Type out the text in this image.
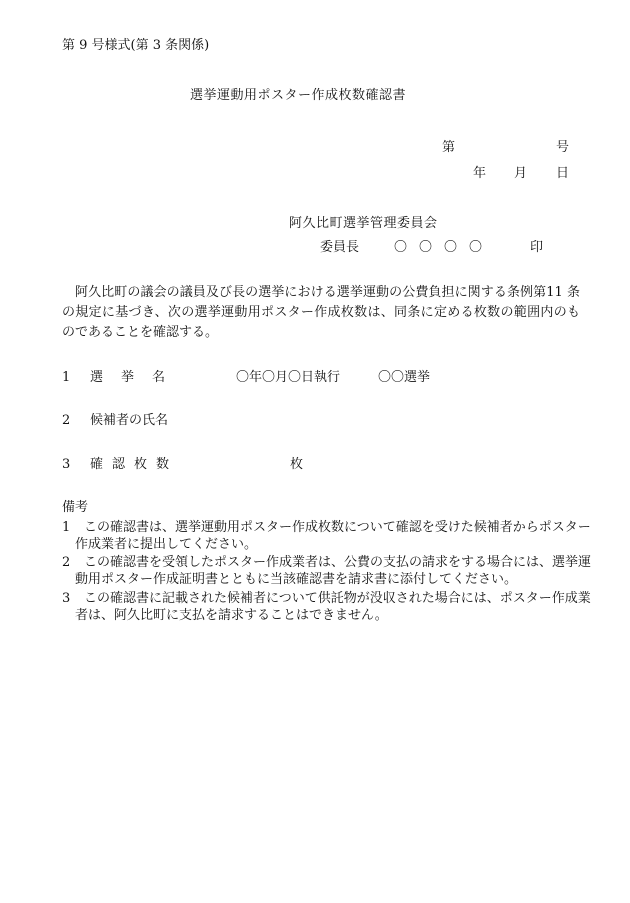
第 9 号様式(第 3 条関係)
選挙運動用ポスター作成枚数確認書
第	号
年 月 日
阿久比町選挙管理委員会
委員長	〇 〇 〇 〇	印
阿久比町の議会の議員及び長の選挙における選挙運動の公費負担に関する条例第11 条の規定に基づき、次の選挙運動用ポスター作成枚数は、同条に定める枚数の範囲内のものであることを確認する。
1 選挙名	〇年〇月〇日執行	〇〇選挙
2 候補者の氏名
3 確認枚数	枚
備考
1 この確認書は、選挙運動用ポスター作成枚数について確認を受けた候補者からポスター作成業者に提出してください。
2 この確認書を受領したポスター作成業者は、公費の支払の請求をする場合には、選挙運動用ポスター作成証明書とともに当該確認書を請求書に添付してください。
3 この確認書に記載された候補者について供託物が没収された場合には、ポスター作成業者は、阿久比町に支払を請求することはできません。
